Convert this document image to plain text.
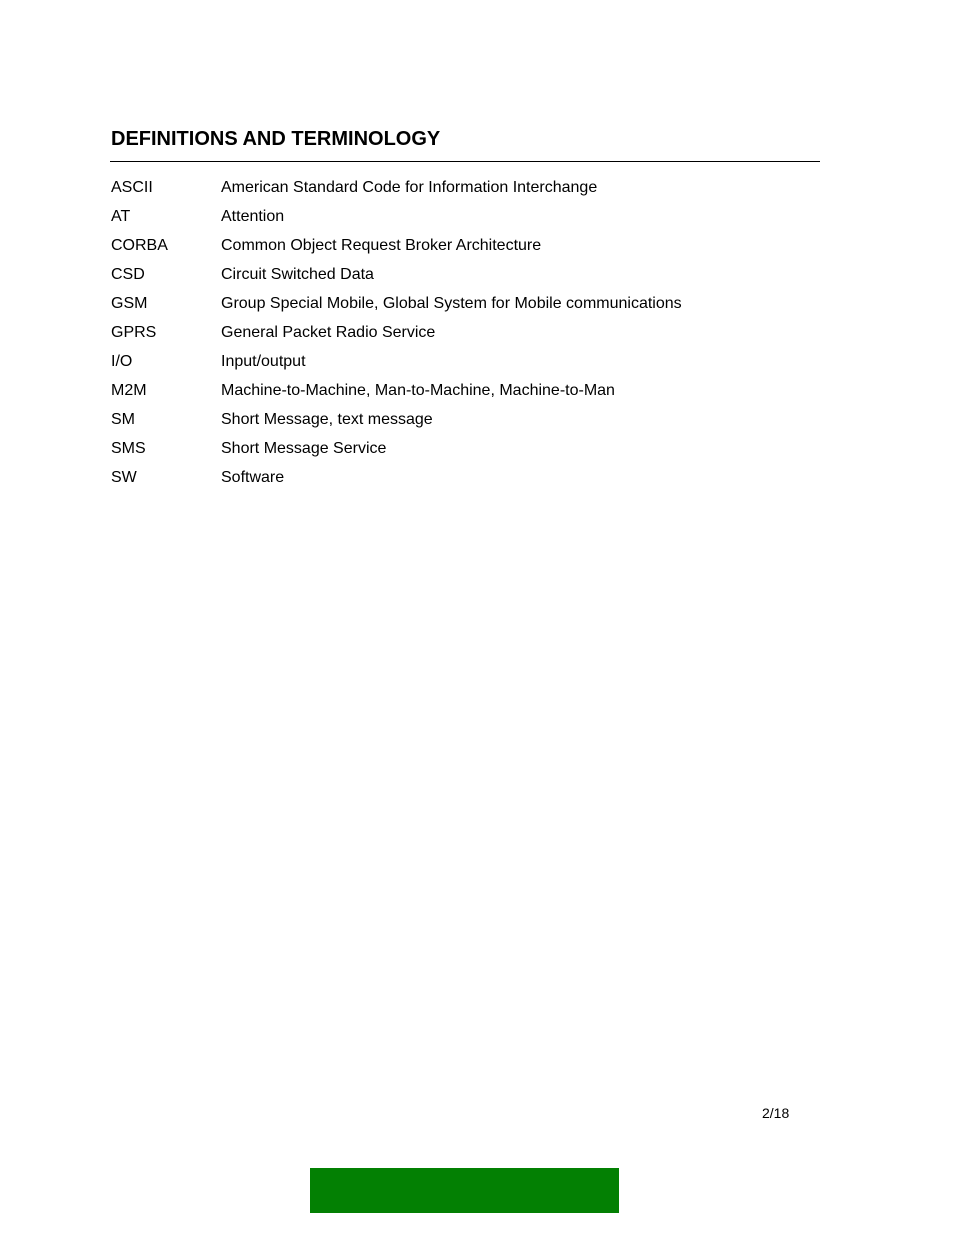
DEFINITIONS AND TERMINOLOGY
ASCII	American Standard Code for Information Interchange
AT	Attention
CORBA	Common Object Request Broker Architecture
CSD	Circuit Switched Data
GSM	Group Special Mobile, Global System for Mobile communications
GPRS	General Packet Radio Service
I/O	Input/output
M2M	Machine-to-Machine, Man-to-Machine, Machine-to-Man
SM	Short Message, text message
SMS	Short Message Service
SW	Software
2/18
